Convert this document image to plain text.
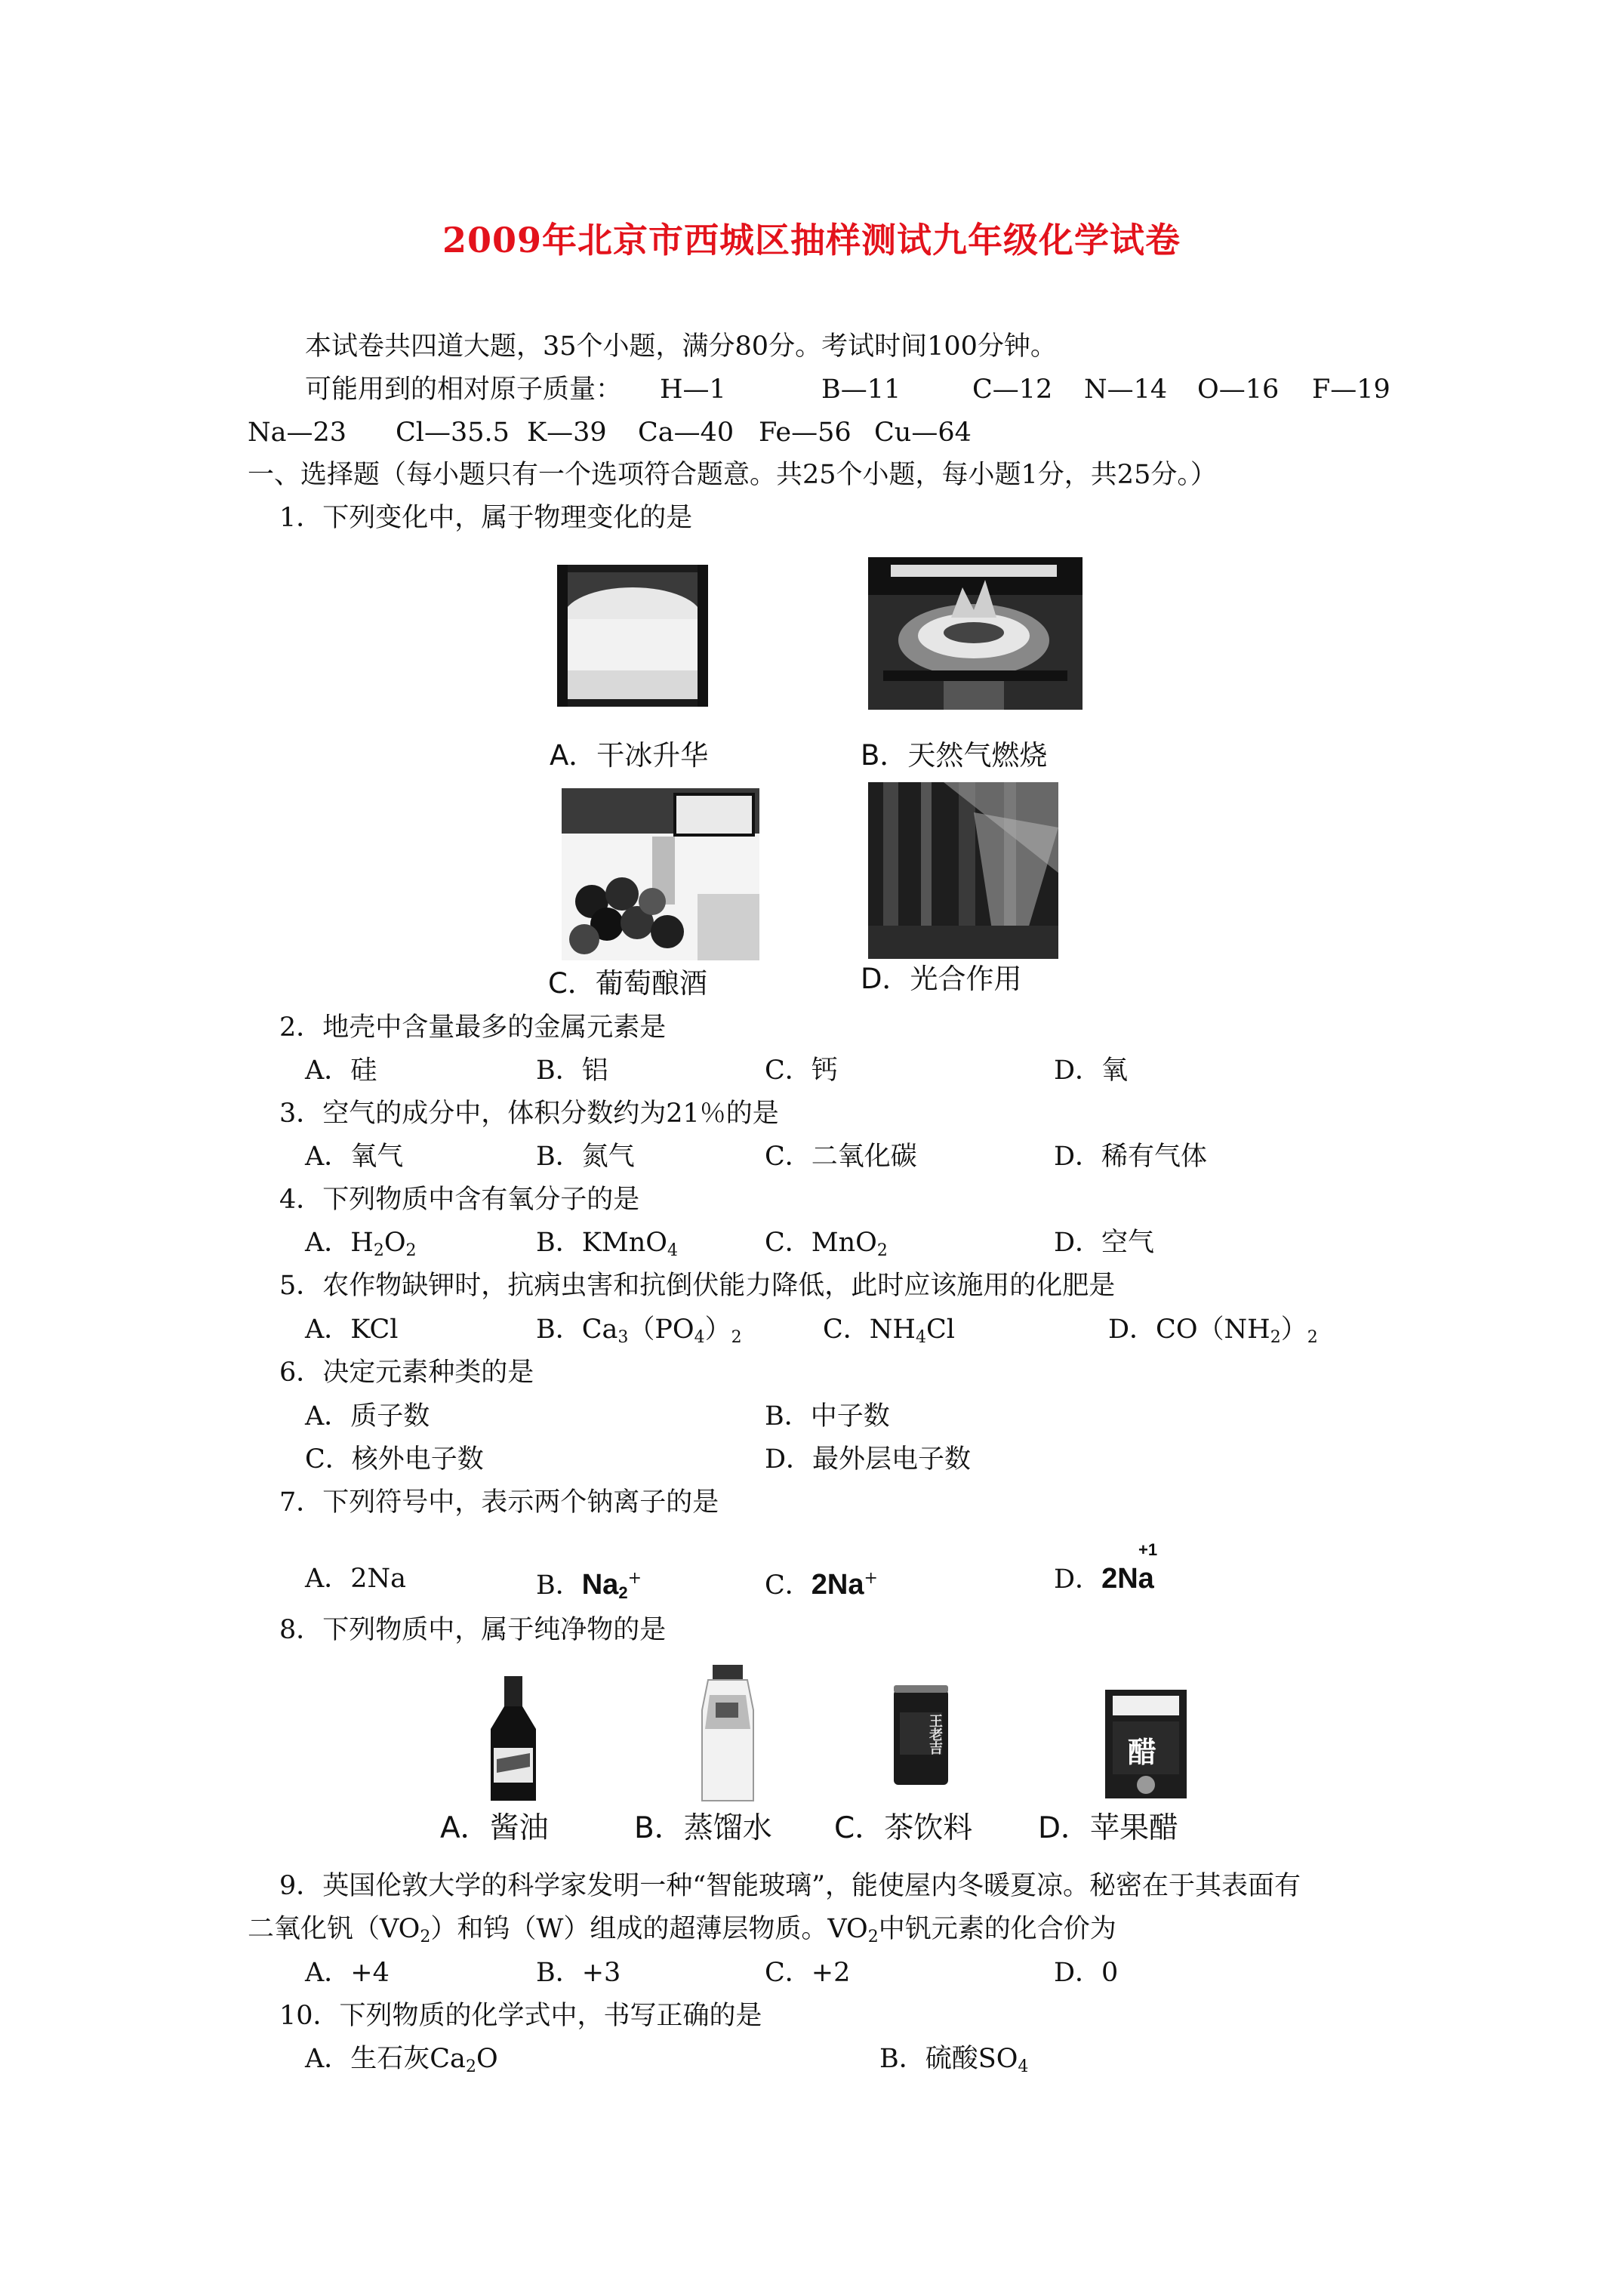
2009年北京市西城区抽样测试九年级化学试卷
本试卷共四道大题，35个小题，满分80分。考试时间100分钟。
可能用到的相对原子质量： H—1	B—11	C—12 N—14 O—16 F—19
Na—23 Cl—35.5 K—39 Ca—40 Fe—56 Cu—64
一、选择题（每小题只有一个选项符合题意。共25个小题，每小题1分，共25分。）
1．下列变化中，属于物理变化的是
A．干冰升华	B．天然气燃烧
C．葡萄酿酒	D．光合作用
2．地壳中含量最多的金属元素是
A．硅	B．铝	C．钙	D．氧
3．空气的成分中，体积分数约为21％的是
A．氧气	B．氮气	C．二氧化碳	D．稀有气体
4．下列物质中含有氧分子的是
A．$H_2O_2$	B．KMnO$_4$	C．MnO$_2$	D．空气
5．农作物缺钾时，抗病虫害和抗倒伏能力降低，此时应该施用的化肥是
A．KCl	B．$Ca_3(PO_4)_2$	C．$NH_4Cl$	D．$CO(NH_2)_2$
6．决定元素种类的是
A．质子数	B．中子数
C．核外电子数	D．最外层电子数
7．下列符号中，表示两个钠离子的是
A．2Na	B．$Na_2^+$	C．2Na+	D．2Na
+1
8．下列物质中，属于纯净物的是
王老吉	醋
A．酱油	B．蒸馏水 C．茶饮料 D．苹果醋
9．英国伦敦大学的科学家发明一种“智能玻璃”，能使屋内冬暖夏凉。秘密在于其表面有
二氧化钒$(VO_2)$和钨（W）组成的超薄层物质。$VO_2$中钒元素的化合价为
A．+4	B．+3	C．+2	D．0
10．下列物质的化学式中，书写正确的是
A．生石灰$Ca_2O$	B．硫酸$SO_4$
